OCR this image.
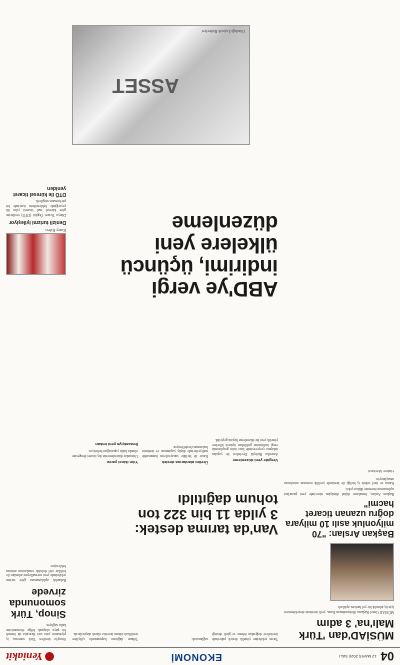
04
12 MAYIS 2020 SALI
EKONOMİ
Yeniakit
MÜSİAD'dan 'Türk Malı'na' 3 adım

MÜSİAD Genel Başkanı Abdurrahman Kaan, yerli üretimin desteklenmesi için üç adımlık bir yol haritası açıkladı.

Başkan Arslan: "70 milyonluk asılı 10 milyara doğru uzanan ticaret hacmi"

Başkan Arslan, firmaların dijital dönüşüm sürecinde yeni pazarlara açılmasının önemine dikkat çekti.

Kamu ve özel sektör iş birliği ile üretimde yerlilik oranının artırılması amaçlanıyor.

Haber Merkezi

Tarım sektörüne yönelik destek paketinde üreticilere doğrudan ödeme ve girdi desteği sağlanacak.

Tohum dağıtımı kapsamında çiftçilere sertifikalı tohum ücretsiz olarak ulaştırılacak.

Van'da tarıma destek:
3 yılda 11 bin 322 ton
tohum dağıtıldı
Vergide yeni düzenleme

Amerika Birleşik Devletleri ile yapılan anlaşma çerçevesinde bazı ürün gruplarında vergi indirimine gidilirken üçüncü ülkelere yönelik yeni bir düzenleme hayata geçirildi.

Üretim alanlarına destek

Karar ile birlikte sanayicilerin hammadde maliyetlerinde düşüş yaşanması ve üretimin hızlanması hedefleniyor.

Yılın ikinci yarısı

Uzmanlar düzenlemenin dış ticaret dengesine olumlu katkı yapacağını belirtiyor.

İhracatçıya yeni imkan
ABD'ye vergi indirimi, üçüncü ülkelere yeni düzenleme
ASSET
Gözdağı Lojistik Haberleri

Sinop'ta üretilen Türk somonu, iç piyasanın yanı sıra ihracatta da önemli bir paya ulaşarak bölge ekonomisine katkı sağlıyor.

Sinop, Türk somonunda zirvede

Bakanlık açıklamasına göre turizm sektöründe yeni normalleşme adımları ile birlikte otel doluluk oranlarının artması bekleniyor.

Kuzey Kıbrıs
Denizli turizmi iyileşiyor

Dünya Ticaret Örgütü (DTÖ) verilerine göre küresel mal ticareti yılın ilk çeyreğinde beklentilerin üzerinde bir performans sergiledi.

DTÖ ile küresel ticaret yeniden
